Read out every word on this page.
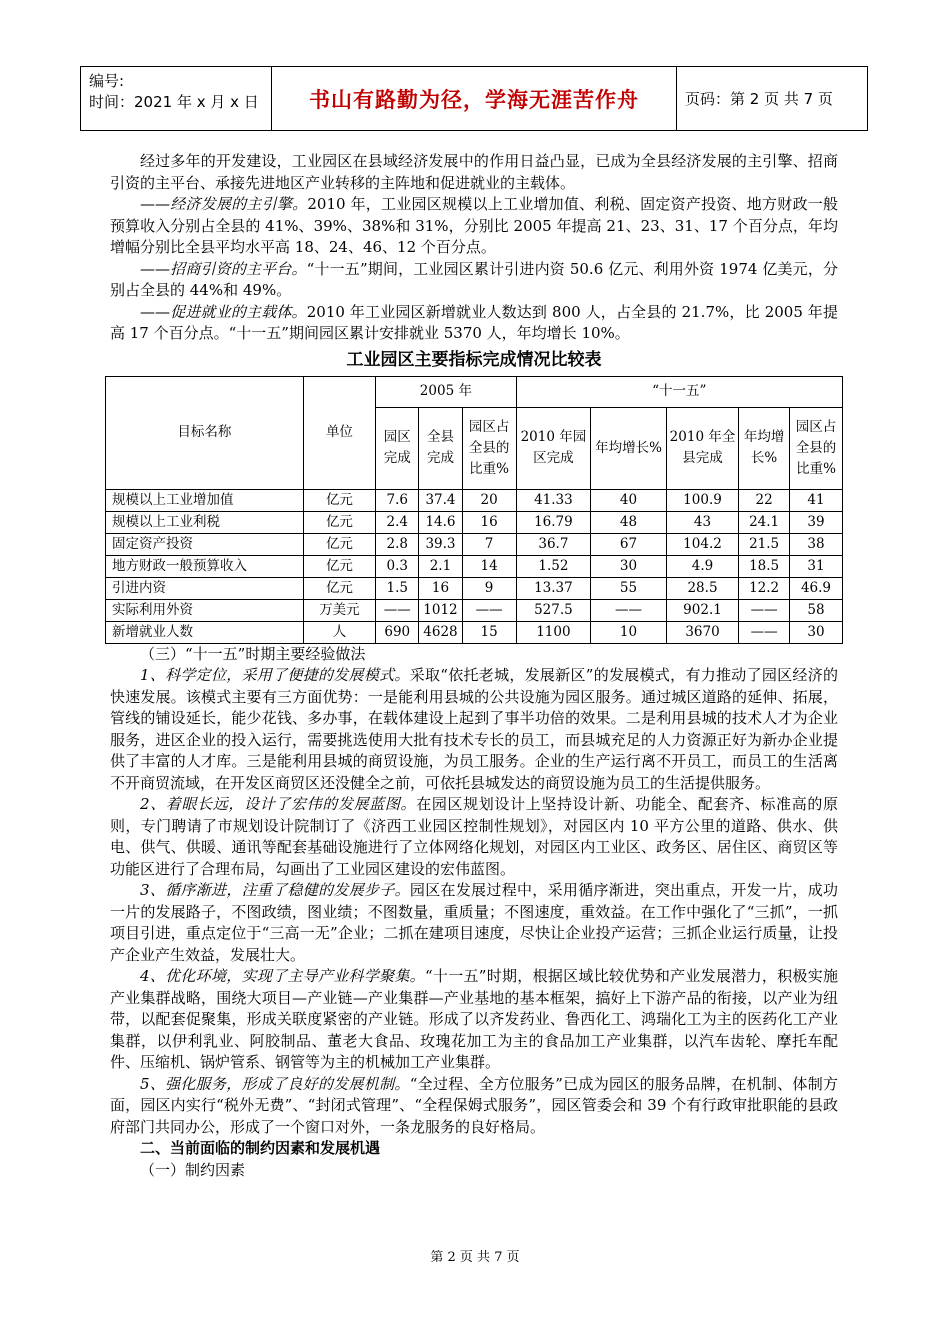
编号:
时间：2021 年 x 月 x 日	书山有路勤为径，学海无涯苦作舟	页码：第 2 页 共 7 页

经过多年的开发建设，工业园区在县域经济发展中的作用日益凸显，已成为全县经济发展的主引擎、招商引资的主平台、承接先进地区产业转移的主阵地和促进就业的主载体。

——经济发展的主引擎。2010 年，工业园区规模以上工业增加值、利税、固定资产投资、地方财政一般预算收入分别占全县的 41%、39%、38%和 31%，分别比 2005 年提高 21、23、31、17 个百分点，年均增幅分别比全县平均水平高 18、24、46、12 个百分点。

——招商引资的主平台。“十一五”期间，工业园区累计引进内资 50.6 亿元、利用外资 1974 亿美元，分别占全县的 44%和 49%。

——促进就业的主载体。2010 年工业园区新增就业人数达到 800 人，占全县的 21.7%，比 2005 年提高 17 个百分点。“十一五”期间园区累计安排就业 5370 人，年均增长 10%。

工业园区主要指标完成情况比较表
目标名称	单位	2005 年			“十一五”				
		园区完成	全县完成	园区占全县的比重%	2010 年园区完成	年均增长%	2010 年全县完成	年均增长%	园区占全县的比重%
规模以上工业增加值	亿元	7.6	37.4	20	41.33	40	100.9	22	41
规模以上工业利税	亿元	2.4	14.6	16	16.79	48	43	24.1	39
固定资产投资	亿元	2.8	39.3	7	36.7	67	104.2	21.5	38
地方财政一般预算收入	亿元	0.3	2.1	14	1.52	30	4.9	18.5	31
引进内资	亿元	1.5	16	9	13.37	55	28.5	12.2	46.9
实际利用外资	万美元	——	1012	——	527.5	——	902.1	——	58
新增就业人数	人	690	4628	15	1100	10	3670	——	30

（三）“十一五”时期主要经验做法

1、科学定位，采用了便捷的发展模式。采取“依托老城，发展新区”的发展模式，有力推动了园区经济的快速发展。该模式主要有三方面优势：一是能利用县城的公共设施为园区服务。通过城区道路的延伸、拓展，管线的铺设延长，能少花钱、多办事，在载体建设上起到了事半功倍的效果。二是利用县城的技术人才为企业服务，进区企业的投入运行，需要挑选使用大批有技术专长的员工，而县城充足的人力资源正好为新办企业提供了丰富的人才库。三是能利用县城的商贸设施，为员工服务。企业的生产运行离不开员工，而员工的生活离不开商贸流域，在开发区商贸区还没健全之前，可依托县城发达的商贸设施为员工的生活提供服务。

2、着眼长远，设计了宏伟的发展蓝图。在园区规划设计上坚持设计新、功能全、配套齐、标准高的原则，专门聘请了市规划设计院制订了《济西工业园区控制性规划》，对园区内 10 平方公里的道路、供水、供电、供气、供暖、通讯等配套基础设施进行了立体网络化规划，对园区内工业区、政务区、居住区、商贸区等功能区进行了合理布局，勾画出了工业园区建设的宏伟蓝图。

3、循序渐进，注重了稳健的发展步子。园区在发展过程中，采用循序渐进，突出重点，开发一片，成功一片的发展路子，不图政绩，图业绩；不图数量，重质量；不图速度，重效益。在工作中强化了“三抓”，一抓项目引进，重点定位于“三高一无”企业；二抓在建项目速度，尽快让企业投产运营；三抓企业运行质量，让投产企业产生效益，发展壮大。

4、优化环境，实现了主导产业科学聚集。“十一五”时期，根据区域比较优势和产业发展潜力，积极实施产业集群战略，围绕大项目—产业链—产业集群—产业基地的基本框架，搞好上下游产品的衔接，以产业为纽带，以配套促聚集，形成关联度紧密的产业链。形成了以齐发药业、鲁西化工、鸿瑞化工为主的医药化工产业集群，以伊利乳业、阿胶制品、董老大食品、玫瑰花加工为主的食品加工产业集群，以汽车齿轮、摩托车配件、压缩机、锅炉管系、钢管等为主的机械加工产业集群。

5、强化服务，形成了良好的发展机制。“全过程、全方位服务”已成为园区的服务品牌，在机制、体制方面，园区内实行“税外无费”、“封闭式管理”、“全程保姆式服务”，园区管委会和 39 个有行政审批职能的县政府部门共同办公，形成了一个窗口对外，一条龙服务的良好格局。

二、当前面临的制约因素和发展机遇

（一）制约因素

第 2 页 共 7 页
